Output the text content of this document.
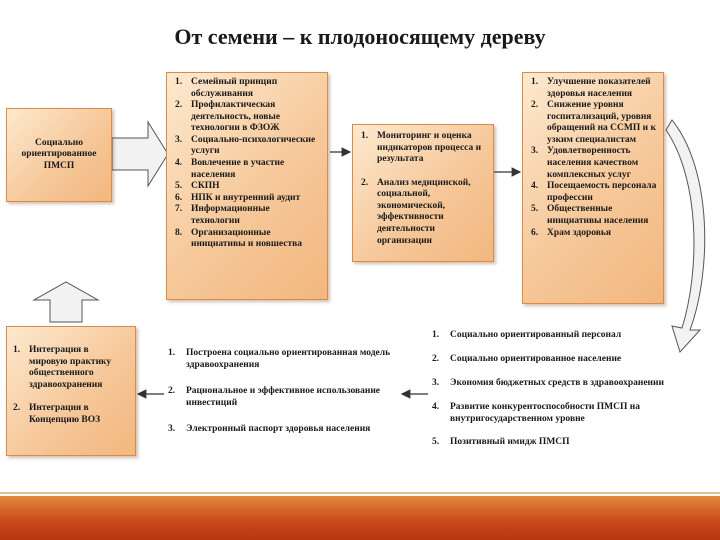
От семени – к плодоносящему дереву
Социально ориентированное ПМСП
1. Семейный принцип обслуживания
2. Профилактическая деятельность, новые технологии в ФЗОЖ
3. Социально-психологические услуги
4. Вовлечение в участие населения
5. СКПН
6. НПК и внутренний аудит
7. Информационные технологии
8. Организационные инициативы и новшества
1. Мониторинг и оценка индикаторов процесса и результата
2. Анализ медицинской, социальной, экономической, эффективности деятельности организации
1. Улучшение показателей здоровья населения
2. Снижение уровня госпитализаций, уровня обращений на ССМП и к узким специалистам
3. Удовлетворенность населения качеством комплексных услуг
4. Посещаемость персонала профессии
5. Общественные инициативы населения
6. Храм здоровья
1. Интеграция в мировую практику общественного здравоохранения
2. Интеграция в Концепцию ВОЗ
1.	Построена социально ориентированная модель здравоохранения
2.	Рациональное и эффективное использование инвестиций
3.	Электронный паспорт здоровья населения
1.	Социально ориентированный персонал
2.	Социально ориентированное население
3.	Экономия бюджетных средств в здравоохранении
4.	Развитие конкурентоспособности ПМСП на внутригосударственном уровне
5.	Позитивный имидж ПМСП
